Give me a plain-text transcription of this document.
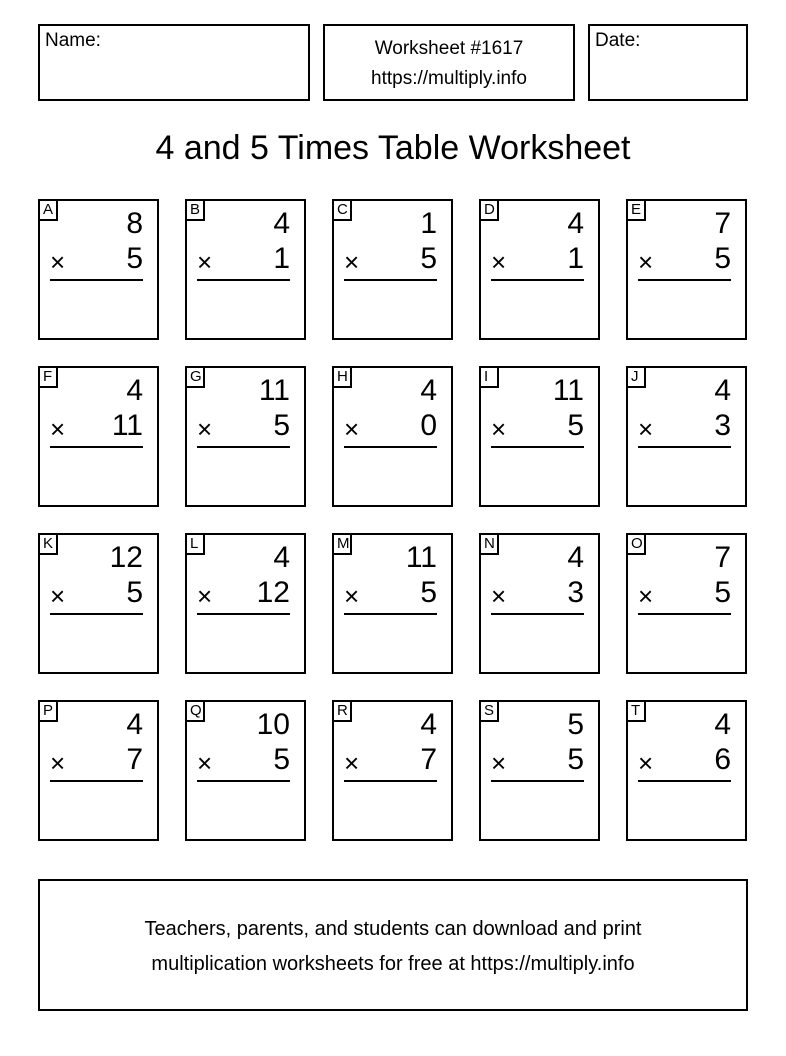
Name:	Worksheet #1617
https://multiply.info
Date:
4 and 5 Times Table Worksheet
A 8
× 5
B 4
× 1
C 1
× 5
D 4
× 1
E 7
× 5
F 4
× 11
G 11
× 5
H 4
× 0
I	11
× 5
J	4
× 3
K 12
× 5
L 4
× 12
M 11
× 5
N 4
× 3
O 7
× 5
P 4
× 7
Q 10
× 5
R 4
× 7
S 5
× 5
T 4
× 6
Teachers, parents, and students can download and print
multiplication worksheets for free at https://multiply.info
